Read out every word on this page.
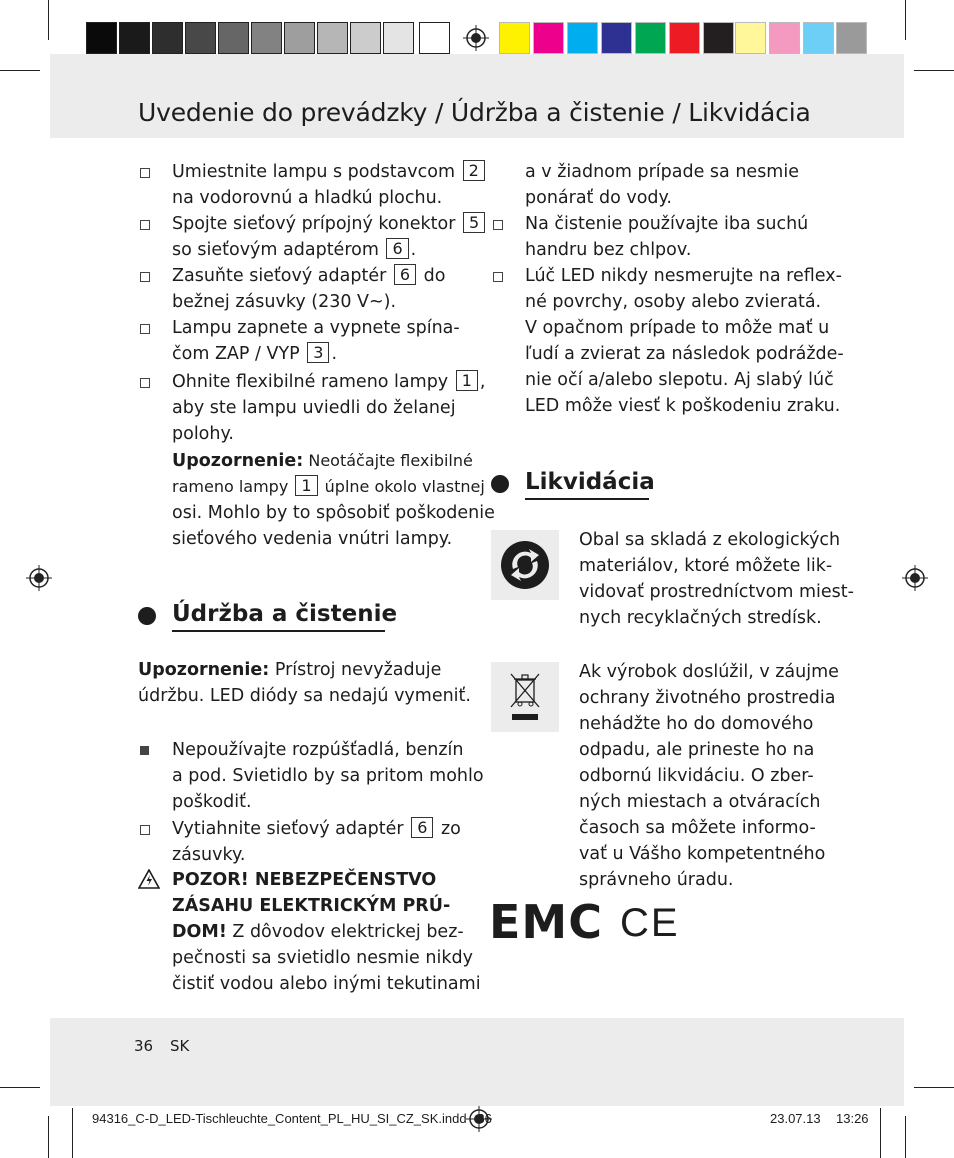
Uvedenie do prevádzky / Údržba a čistenie / Likvidácia
Umiestnite lampu s podstavcom 2
na vodorovnú a hladkú plochu.
Spojte sieťový prípojný konektor 5
so sieťovým adaptérom 6 .
Zasuňte sieťový adaptér 6 do
bežnej zásuvky (230 V~).
Lampu zapnete a vypnete spína-
čom ZAP / VYP 3 .
Ohnite flexibilné rameno lampy 1 ,
aby ste lampu uviedli do želanej
polohy.
Upozornenie: Neotáčajte flexibilné
rameno lampy 1 úplne okolo vlastnej
osi. Mohlo by to spôsobiť poškodenie
sieťového vedenia vnútri lampy.
Údržba a čistenie
Upozornenie: Prístroj nevyžaduje
údržbu. LED diódy sa nedajú vymeniť.
Nepoužívajte rozpúšťadlá, benzín
a pod. Svietidlo by sa pritom mohlo
poškodiť.
Vytiahnite sieťový adaptér 6 zo
zásuvky.
POZOR! NEBEZPEČENSTVO
ZÁSAHU ELEKTRICKÝM PRÚ-
DOM! Z dôvodov elektrickej bez-
pečnosti sa svietidlo nesmie nikdy
čistiť vodou alebo inými tekutinami
a v žiadnom prípade sa nesmie
ponárať do vody.
Na čistenie používajte iba suchú
handru bez chlpov.
Lúč LED nikdy nesmerujte na reflex-
né povrchy, osoby alebo zvieratá.
V opačnom prípade to môže mať u
ľudí a zvierat za následok podrážde-
nie očí a/alebo slepotu. Aj slabý lúč
LED môže viesť k poškodeniu zraku.
Likvidácia
Obal sa skladá z ekologických
materiálov, ktoré môžete lik-
vidovať prostredníctvom miest-
nych recyklačných stredísk.
Ak výrobok doslúžil, v záujme
ochrany životného prostredia
nehádžte ho do domového
odpadu, ale prineste ho na
odbornú likvidáciu. O zber-
ných miestach a otváracích
časoch sa môžete informo-
vať u Vášho kompetentného
správneho úradu.
EMC CE
36 SK
94316_C-D_LED-Tischleuchte_Content_PL_HU_SI_CZ_SK.indd   36	23.07.13 13:26
